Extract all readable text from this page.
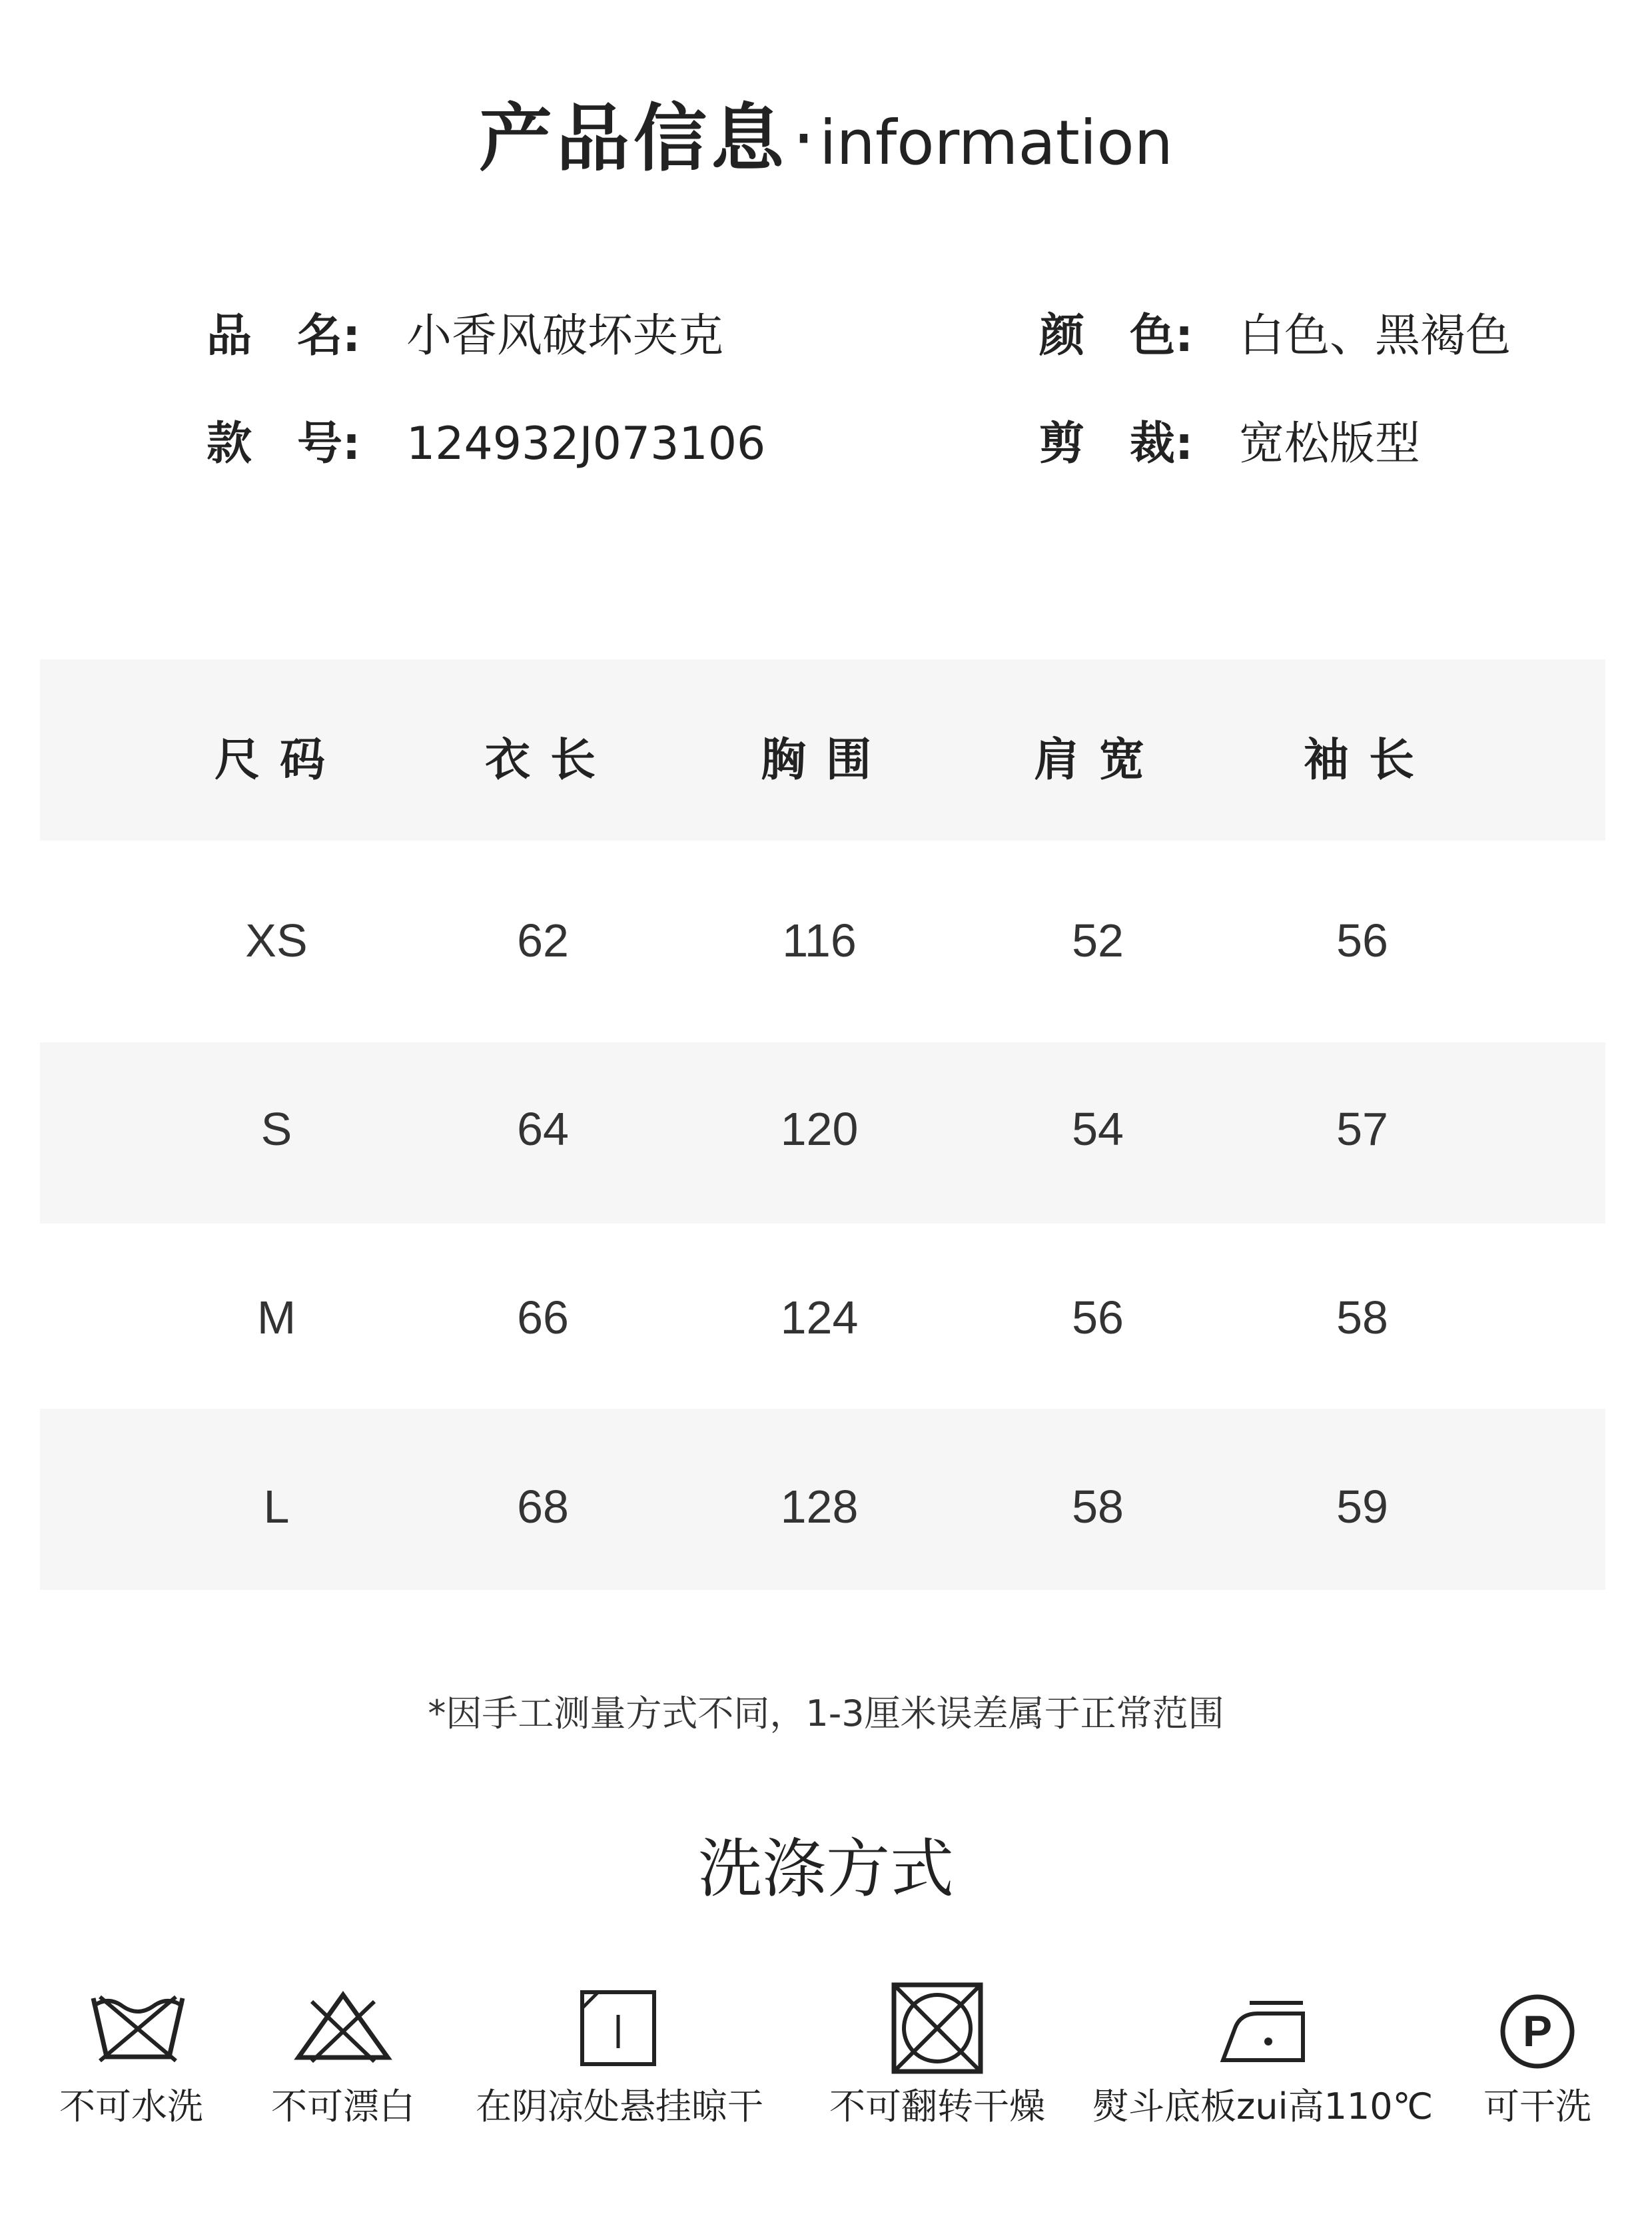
产品信息·information
品　名: 小香风破坏夹克	颜　色: 白色、黑褐色
款　号: 124932J073106	剪　裁: 宽松版型
尺码	衣长	胸围	肩宽	袖长
XS	62	116	52	56
S	64	120	54	57
M	66	124	56	58
L	68	128	58	59
*因手工测量方式不同，1-3厘米误差属于正常范围
洗涤方式
P
不可水洗	不可漂白	在阴凉处悬挂晾干	不可翻转干燥	熨斗底板zui高110℃	可干洗
